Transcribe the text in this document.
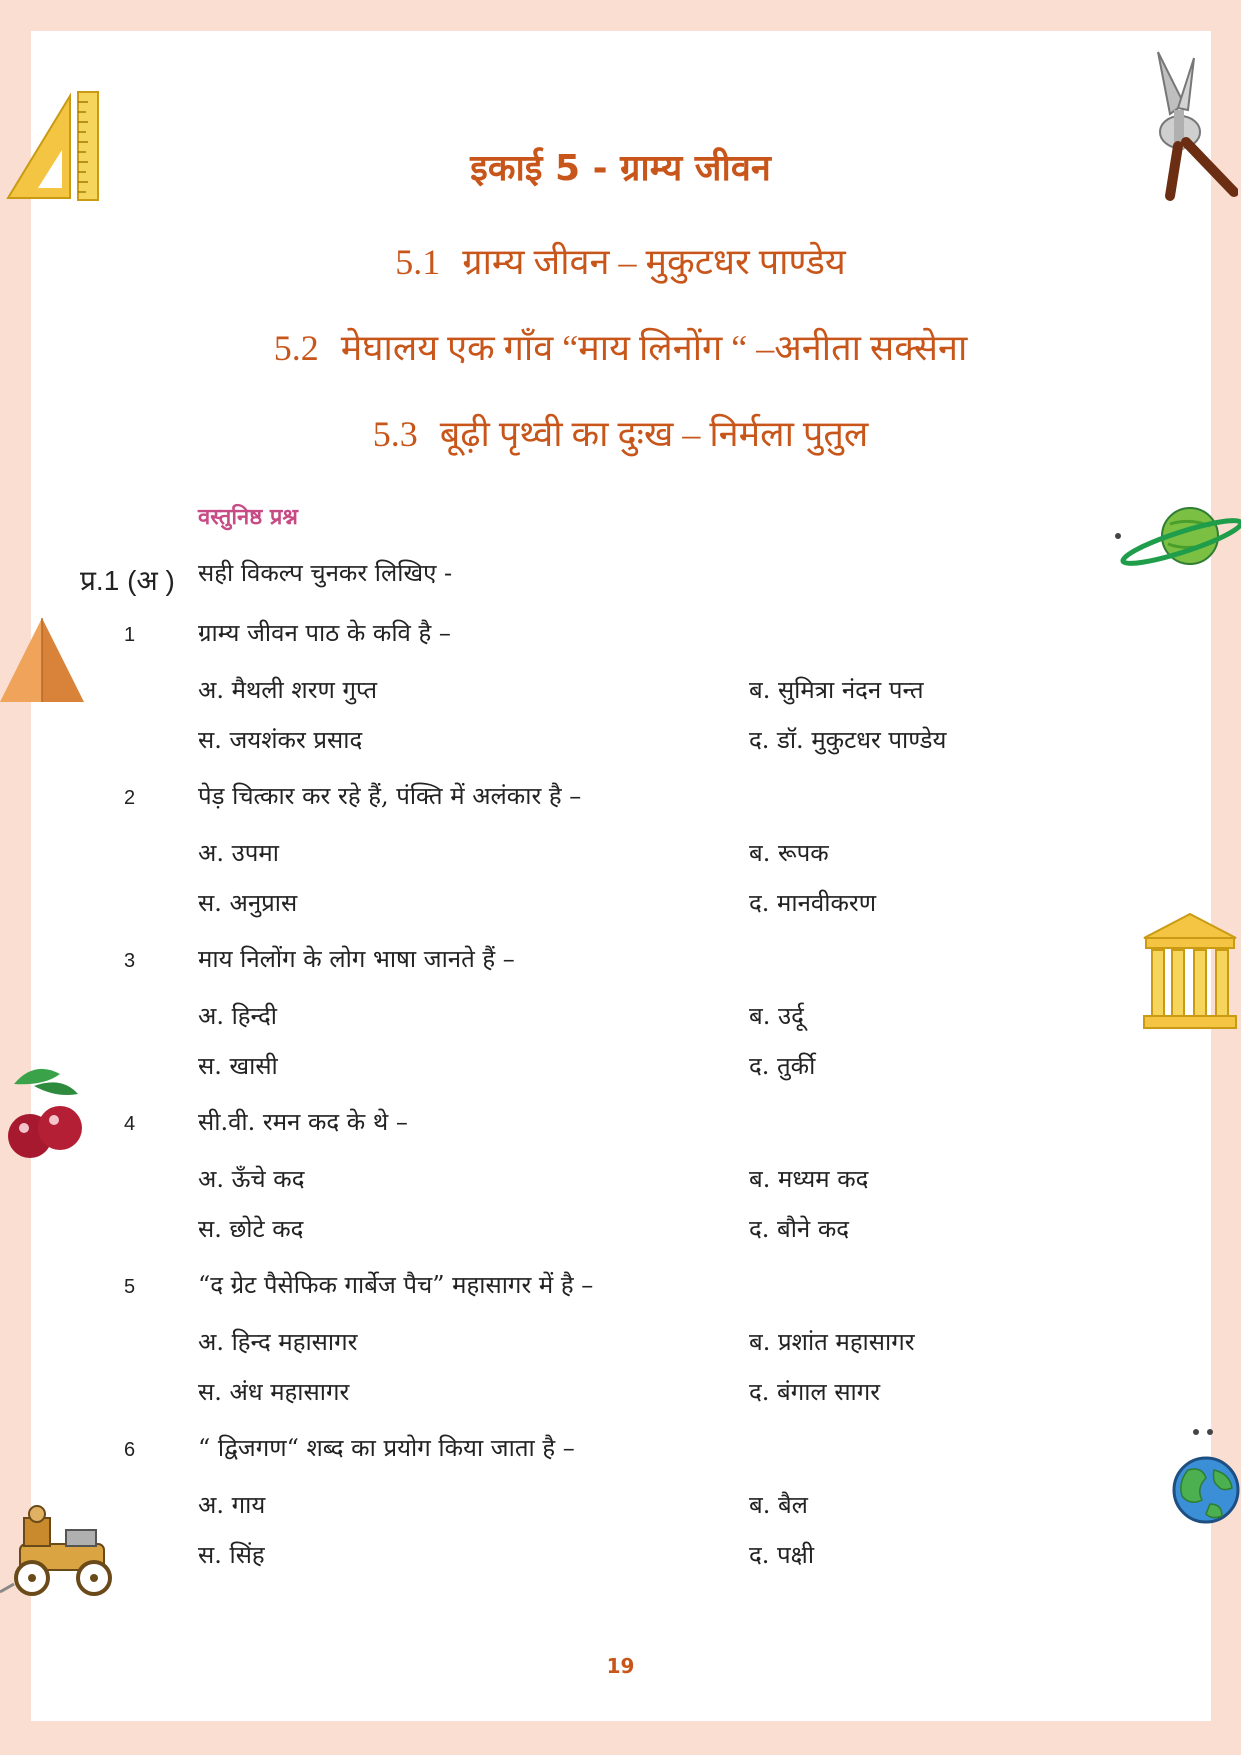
इकाई 5 - ग्राम्य जीवन
5.1 ग्राम्य जीवन – मुकुटधर पाण्डेय
5.2 मेघालय एक गाँव “माय लिनोंग “ –अनीता सक्सेना
5.3 बूढ़ी पृथ्वी का दुःख – निर्मला पुतुल
वस्तुनिष्ठ प्रश्न
प्र.1 (अ ) सही विकल्प चुनकर लिखिए -
1	ग्राम्य जीवन पाठ के कवि है –
अ. मैथली शरण गुप्त	ब. सुमित्रा नंदन पन्त
स. जयशंकर प्रसाद	द. डॉ. मुकुटधर पाण्डेय
2	पेड़ चित्कार कर रहे हैं, पंक्ति में अलंकार है –
अ. उपमा	ब. रूपक
स. अनुप्रास	द. मानवीकरण
3	माय निलोंग के लोग भाषा जानते हैं –
अ. हिन्दी	ब. उर्दू
स. खासी	द. तुर्की
4	सी.वी. रमन कद के थे –
अ. ऊँचे कद	ब. मध्यम कद
स. छोटे कद	द. बौने कद
5	“द ग्रेट पैसेफिक गार्बेज पैच” महासागर में है –
अ. हिन्द महासागर	ब. प्रशांत महासागर
स. अंध महासागर	द. बंगाल सागर
6	“ द्विजगण“ शब्द का प्रयोग किया जाता है –
अ. गाय	ब. बैल
स. सिंह	द. पक्षी
19
